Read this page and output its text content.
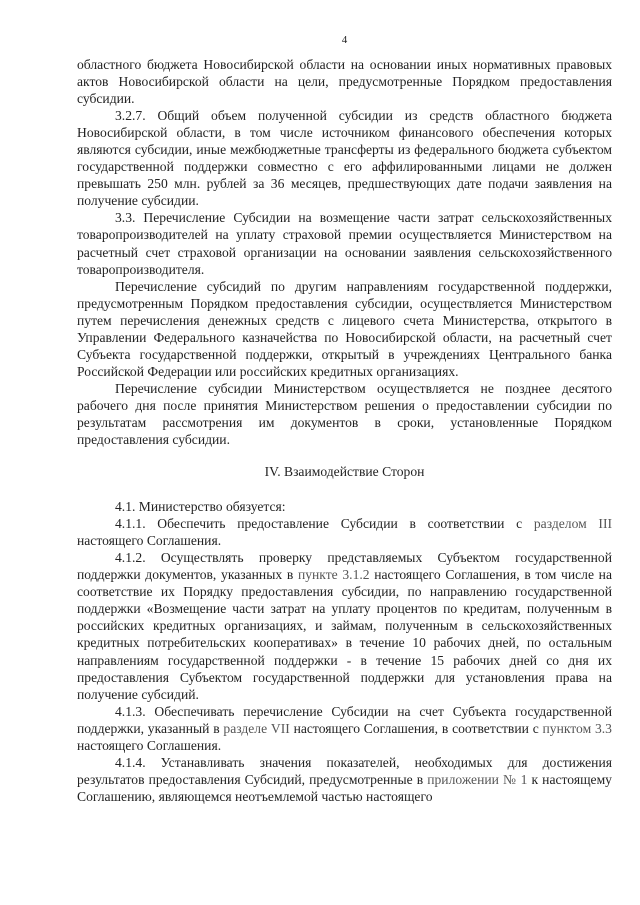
4

областного бюджета Новосибирской области на основании иных нормативных правовых актов Новосибирской области на цели, предусмотренные Порядком предоставления субсидии.

3.2.7. Общий объем полученной субсидии из средств областного бюджета Новосибирской области, в том числе источником финансового обеспечения которых являются субсидии, иные межбюджетные трансферты из федерального бюджета субъектом государственной поддержки совместно с его аффилированными лицами не должен превышать 250 млн. рублей за 36 месяцев, предшествующих дате подачи заявления на получение субсидии.

3.3. Перечисление Субсидии на возмещение части затрат сельскохозяйственных товаропроизводителей на уплату страховой премии осуществляется Министерством на расчетный счет страховой организации на основании заявления сельскохозяйственного товаропроизводителя.

Перечисление субсидий по другим направлениям государственной поддержки, предусмотренным Порядком предоставления субсидии, осуществляется Министерством путем перечисления денежных средств с лицевого счета Министерства, открытого в Управлении Федерального казначейства по Новосибирской области, на расчетный счет Субъекта государственной поддержки, открытый в учреждениях Центрального банка Российской Федерации или российских кредитных организациях.

Перечисление субсидии Министерством осуществляется не позднее десятого рабочего дня после принятия Министерством решения о предоставлении субсидии по результатам рассмотрения им документов в сроки, установленные Порядком предоставления субсидии.

IV. Взаимодействие Сторон

4.1. Министерство обязуется:

4.1.1. Обеспечить предоставление Субсидии в соответствии с разделом III настоящего Соглашения.

4.1.2. Осуществлять проверку представляемых Субъектом государственной поддержки документов, указанных в пункте 3.1.2 настоящего Соглашения, в том числе на соответствие их Порядку предоставления субсидии, по направлению государственной поддержки «Возмещение части затрат на уплату процентов по кредитам, полученным в российских кредитных организациях, и займам, полученным в сельскохозяйственных кредитных потребительских кооперативах» в течение 10 рабочих дней, по остальным направлениям государственной поддержки - в течение 15 рабочих дней со дня их предоставления Субъектом государственной поддержки для установления права на получение субсидий.

4.1.3. Обеспечивать перечисление Субсидии на счет Субъекта государственной поддержки, указанный в разделе VII настоящего Соглашения, в соответствии с пунктом 3.3 настоящего Соглашения.

4.1.4. Устанавливать значения показателей, необходимых для достижения результатов предоставления Субсидий, предусмотренные в приложении № 1 к настоящему Соглашению, являющемся неотъемлемой частью настоящего
